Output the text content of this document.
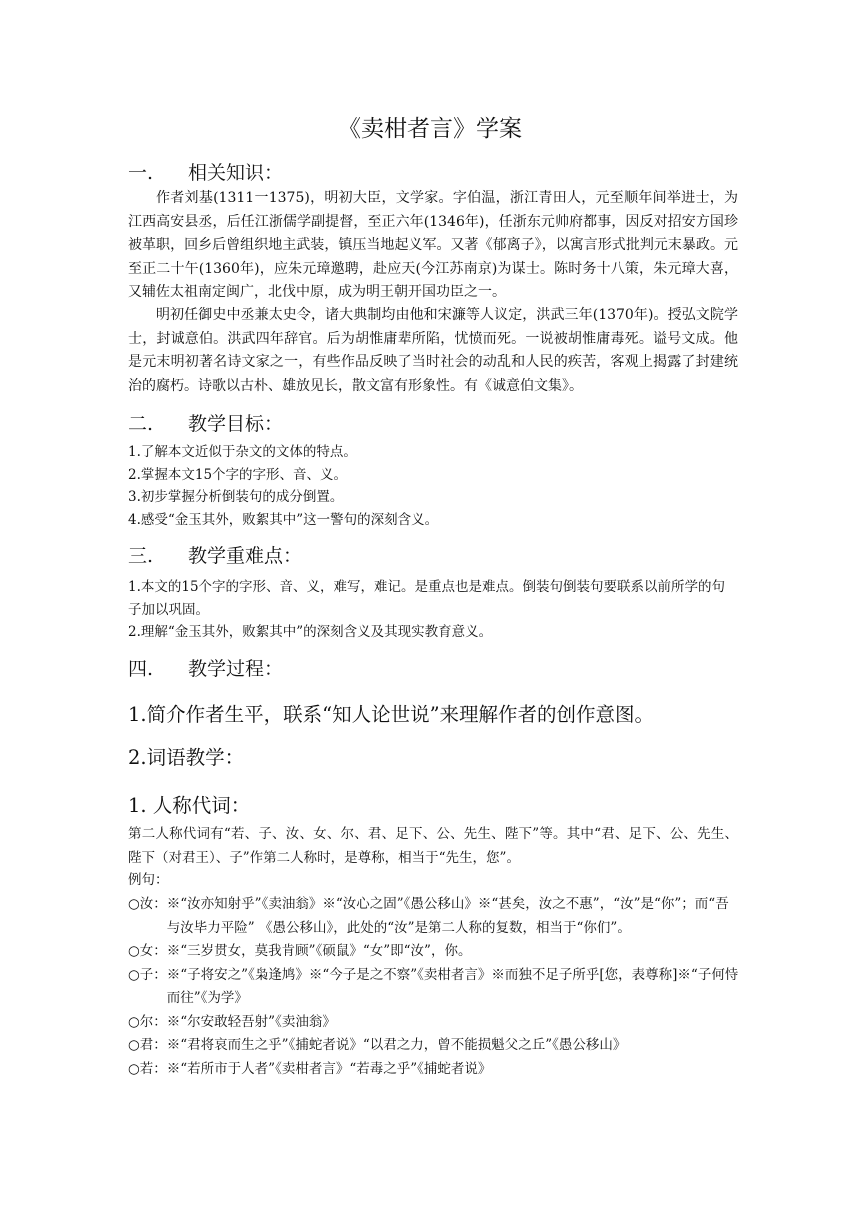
《卖柑者言》学案
一. 相关知识：
作者刘基(1311一1375)，明初大臣，文学家。字伯温，浙江青田人，元至顺年间举进士，为江西高安县丞，后任江浙儒学副提督，至正六年(1346年)，任浙东元帅府都事，因反对招安方国珍被革职，回乡后曾组织地主武装，镇压当地起义军。又著《郁离子》，以寓言形式批判元末暴政。元至正二十午(1360年)，应朱元璋邀聘，赴应天(今江苏南京)为谋士。陈时务十八策，朱元璋大喜，又辅佐太祖南定闽广，北伐中原，成为明王朝开国功臣之一。
明初任御史中丞兼太史令，诸大典制均由他和宋濂等人议定，洪武三年(1370年)。授弘文院学士，封诚意伯。洪武四年辞官。后为胡惟庸辈所陷，忧愤而死。一说被胡惟庸毒死。谥号文成。他是元末明初著名诗文家之一，有些作品反映了当时社会的动乱和人民的疾苦，客观上揭露了封建统治的腐朽。诗歌以古朴、雄放见长，散文富有形象性。有《诚意伯文集》。
二. 教学目标：
1.了解本文近似于杂文的文体的特点。
2.掌握本文15个字的字形、音、义。
3.初步掌握分析倒装句的成分倒置。
4.感受“金玉其外，败絮其中”这一警句的深刻含义。
三. 教学重难点：
1.本文的15个字的字形、音、义，难写，难记。是重点也是难点。倒装句倒装句要联系以前所学的句子加以巩固。
2.理解“金玉其外，败絮其中”的深刻含义及其现实教育意义。
四. 教学过程：
1.简介作者生平，联系“知人论世说”来理解作者的创作意图。
2.词语教学：
1. 人称代词：
第二人称代词有“若、子、汝、女、尔、君、足下、公、先生、陛下”等。其中“君、足下、公、先生、陛下（对君王）、子”作第二人称时，是尊称，相当于“先生，您”。
例句：
○汝： ※“汝亦知射乎”《卖油翁》※“汝心之固”《愚公移山》※“甚矣，汝之不惠”，“汝”是“你”；而“吾与汝毕力平险” 《愚公移山》，此处的“汝”是第二人称的复数，相当于“你们”。
○女： ※“三岁贯女，莫我肯顾”《硕鼠》“女”即“汝”，你。
○子： ※“子将安之”《枭逢鸠》※“今子是之不察”《卖柑者言》※而独不足子所乎[您，表尊称]※“子何恃而往”《为学》
○尔： ※“尔安敢轻吾射”《卖油翁》
○君： ※“君将哀而生之乎”《捕蛇者说》“以君之力，曾不能损魁父之丘”《愚公移山》
○若： ※“若所市于人者”《卖柑者言》“若毒之乎”《捕蛇者说》
